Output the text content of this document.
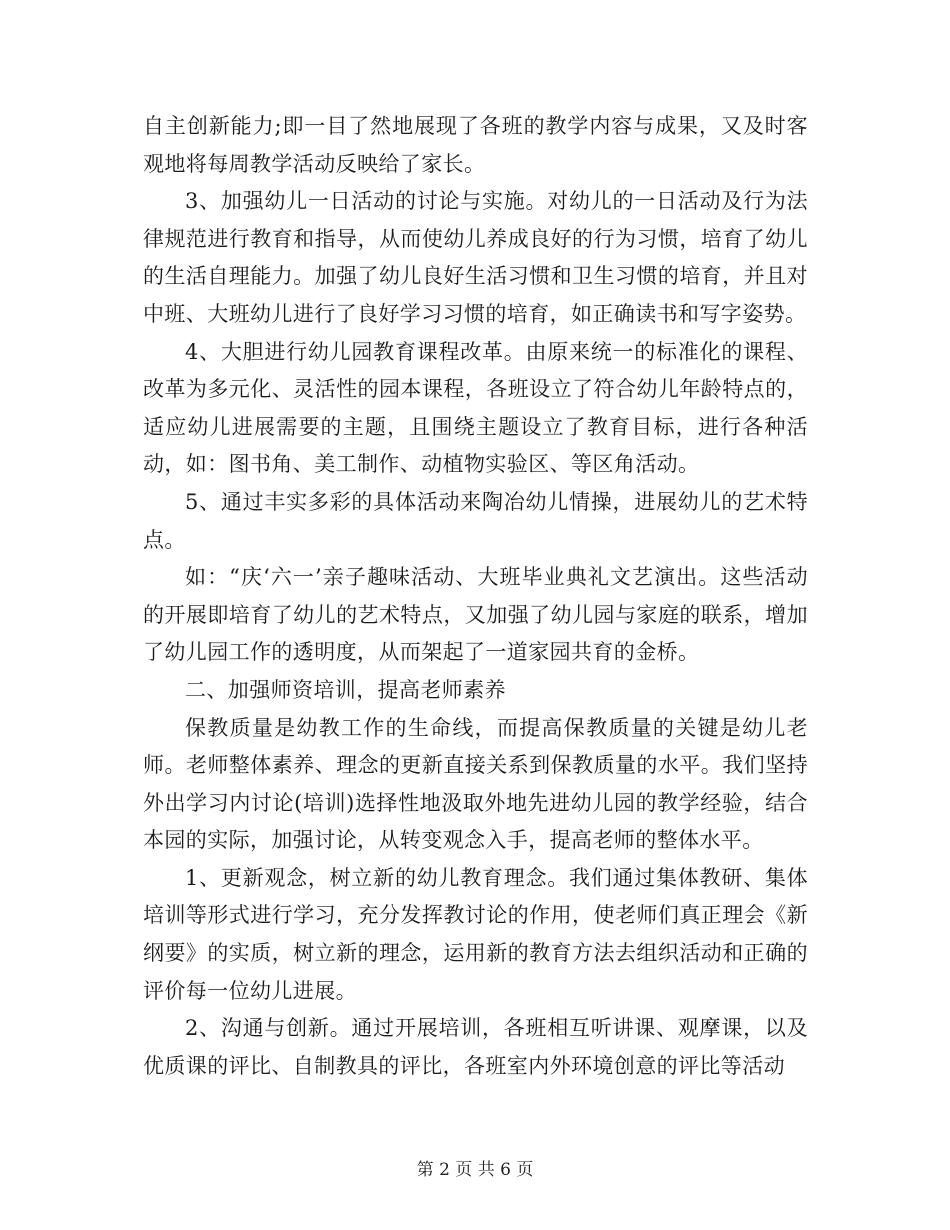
自主创新能力;即一目了然地展现了各班的教学内容与成果，又及时客观地将每周教学活动反映给了家长。

3、加强幼儿一日活动的讨论与实施。对幼儿的一日活动及行为法律规范进行教育和指导，从而使幼儿养成良好的行为习惯，培育了幼儿的生活自理能力。加强了幼儿良好生活习惯和卫生习惯的培育，并且对中班、大班幼儿进行了良好学习习惯的培育，如正确读书和写字姿势。

4、大胆进行幼儿园教育课程改革。由原来统一的标准化的课程、改革为多元化、灵活性的园本课程，各班设立了符合幼儿年龄特点的，适应幼儿进展需要的主题，且围绕主题设立了教育目标，进行各种活动，如：图书角、美工制作、动植物实验区、等区角活动。

5、通过丰实多彩的具体活动来陶冶幼儿情操，进展幼儿的艺术特点。

如：“庆‘六一’亲子趣味活动、大班毕业典礼文艺演出。这些活动的开展即培育了幼儿的艺术特点，又加强了幼儿园与家庭的联系，增加了幼儿园工作的透明度，从而架起了一道家园共育的金桥。

二、加强师资培训，提高老师素养

保教质量是幼教工作的生命线，而提高保教质量的关键是幼儿老师。老师整体素养、理念的更新直接关系到保教质量的水平。我们坚持外出学习内讨论(培训)选择性地汲取外地先进幼儿园的教学经验，结合本园的实际，加强讨论，从转变观念入手，提高老师的整体水平。

1、更新观念，树立新的幼儿教育理念。我们通过集体教研、集体培训等形式进行学习，充分发挥教讨论的作用，使老师们真正理会《新纲要》的实质，树立新的理念，运用新的教育方法去组织活动和正确的评价每一位幼儿进展。

2、沟通与创新。通过开展培训，各班相互听讲课、观摩课，以及优质课的评比、自制教具的评比，各班室内外环境创意的评比等活动

第 2 页 共 6 页
